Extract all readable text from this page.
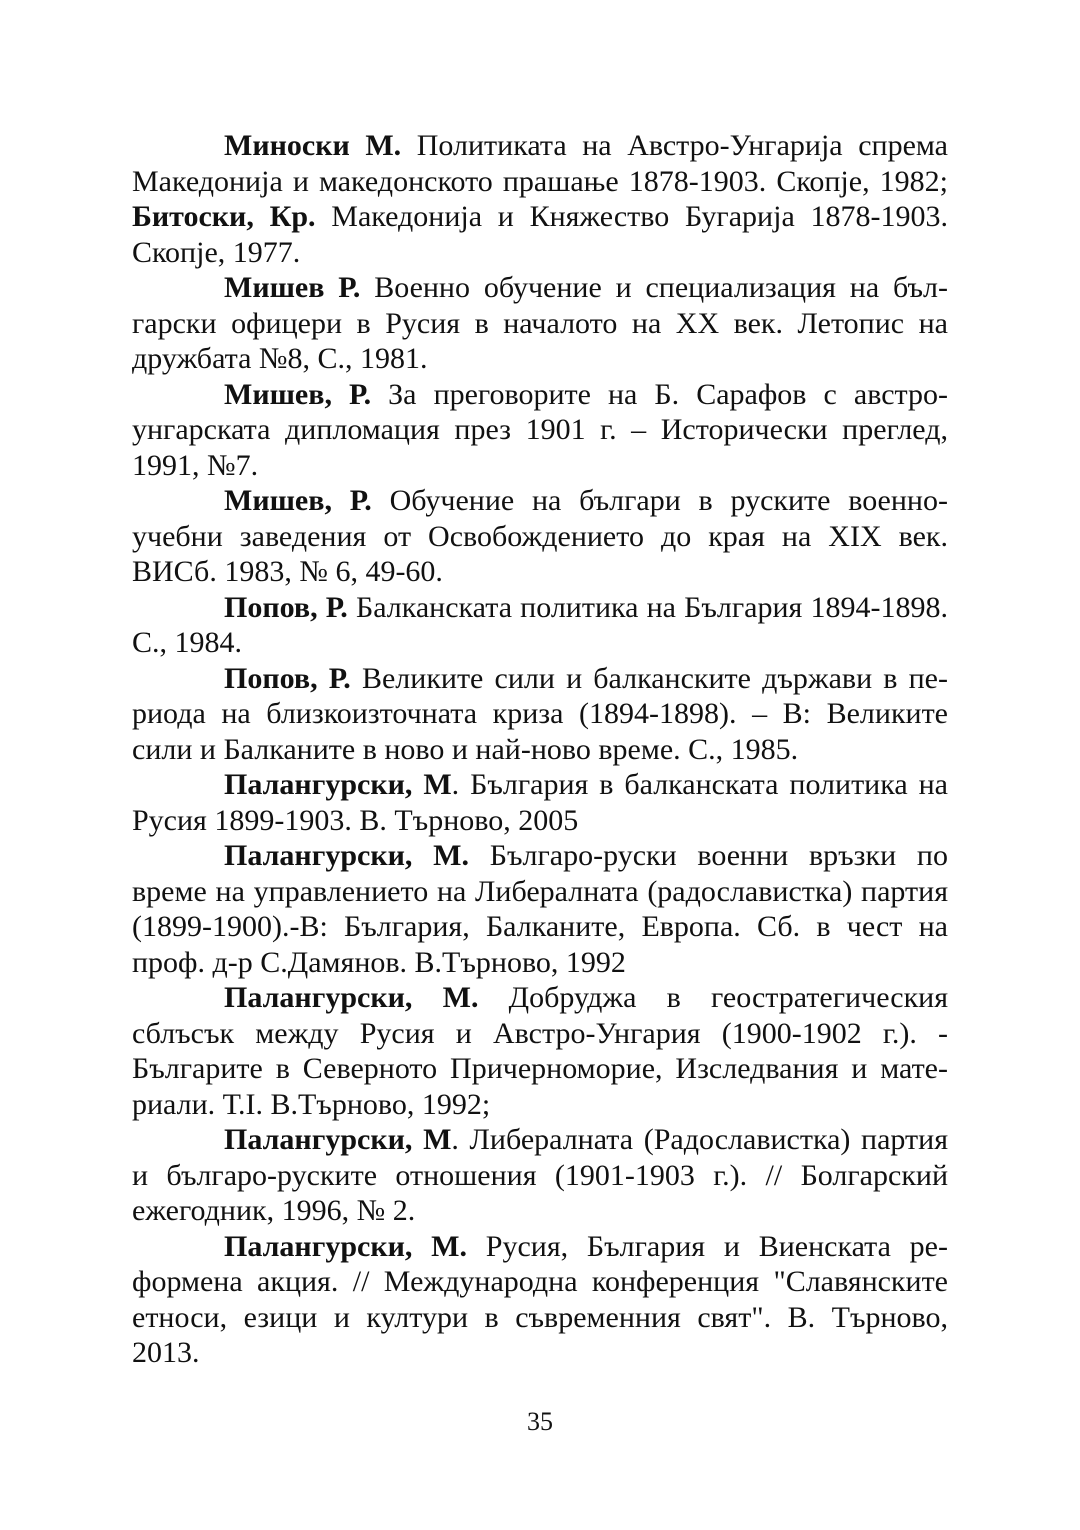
Миноски М. Политиката на Австро-Унгарија спрема Македонија и македонското прашање 1878-1903. Скопје, 1982; Битоски, Кр. Македонија и Княжество Бугарија 1878-1903. Скопје, 1977.

Мишев Р. Военно обучение и специализация на български офицери в Русия в началото на ХХ век. Летопис на дружбата №8, С., 1981.

Мишев, Р. За преговорите на Б. Сарафов с австроунгарската дипломация през 1901 г. – Исторически преглед, 1991, №7.

Мишев, Р. Обучение на българи в руските военноучебни заведения от Освобождението до края на ХІХ век. ВИСб. 1983, № 6, 49-60.

Попов, Р. Балканската политика на България 1894-1898. С., 1984.

Попов, Р. Великите сили и балканските държави в периода на близкоизточната криза (1894-1898). – В: Великите сили и Балканите в ново и най-ново време. С., 1985.

Палангурски, М. България в балканската политика на Русия 1899-1903. В. Търново, 2005

Палангурски, М. Българо-руски военни връзки по време на управлението на Либералната (радославистка) партия (1899-1900).-В: България, Балканите, Европа. Сб. в чест на проф. д-р С.Дамянов. В.Търново, 1992

Палангурски, М. Добруджа в геостратегическия сблъсък между Русия и Австро-Унгария (1900-1902 г.). - Българите в Северното Причерноморие, Изследвания и материали. Т.І. В.Търново, 1992;

Палангурски, М. Либералната (Радославистка) партия и българо-руските отношения (1901-1903 г.). // Болгарский ежегодник, 1996, № 2.

Палангурски, М. Русия, България и Виенската реформена акция. // Международна конференция "Славянските етноси, езици и култури в съвременния свят". В. Търново, 2013.

35
